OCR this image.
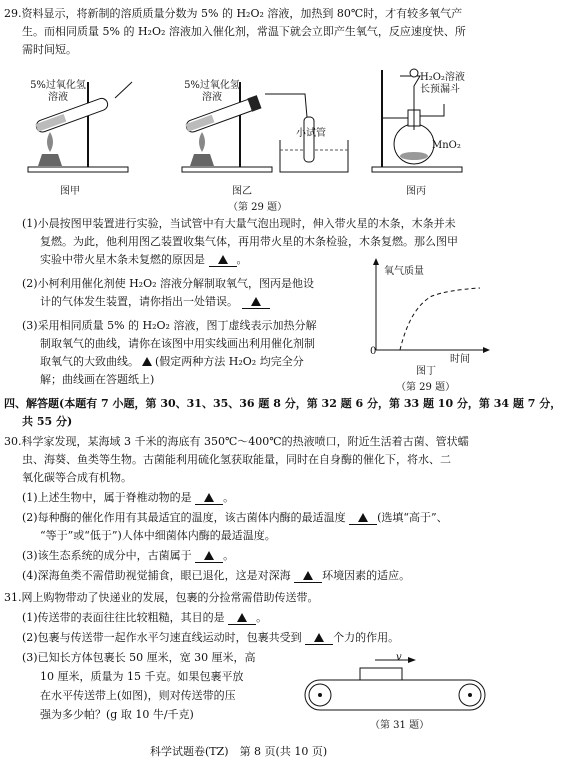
29.资料显示，将新制的溶质质量分数为 5% 的 H₂O₂ 溶液，加热到 80℃时，才有较多氧气产
生。而相同质量 5% 的 H₂O₂ 溶液加入催化剂，常温下就会立即产生氧气，反应速度快、所
需时间短。
5%过氧化氢溶液
图甲
5%过氧化氢溶液
小试管
图乙
H₂O₂溶液
长预漏斗
MnO₂
图丙
（第 29 题）
(1)小晨按图甲装置进行实验，当试管中有大量气泡出现时，伸入带火星的木条，木条并未
复燃。为此，他利用图乙装置收集气体，再用带火星的木条检验，木条复燃。那么图甲
实验中带火星木条未复燃的原因是	。
(2)小柯利用催化剂使 H₂O₂ 溶液分解制取氧气，图丙是他设
计的气体发生装置，请你指出一处错误。
(3)采用相同质量 5% 的 H₂O₂ 溶液，图丁虚线表示加热分解
制取氧气的曲线，请你在该图中用实线画出利用催化剂制
取氧气的大致曲线。 (假定两种方法 H₂O₂ 均完全分
解；曲线画在答题纸上)
氧气质量
时间
0
图丁
（第 29 题）
四、解答题(本题有 7 小题，第 30、31、35、36 题 8 分，第 32 题 6 分，第 33 题 10 分，第 34 题 7 分，
共 55 分)
30.科学家发现，某海域 3 千米的海底有 350℃～400℃的热液喷口，附近生活着古菌、管状蠕
虫、海葵、鱼类等生物。古菌能利用硫化氢获取能量，同时在自身酶的催化下，将水、二
氧化碳等合成有机物。
(1)上述生物中，属于脊椎动物的是	。
(2)每种酶的催化作用有其最适宜的温度，该古菌体内酶的最适温度	(选填“高于”、
“等于”或“低于”)人体中细菌体内酶的最适温度。
(3)该生态系统的成分中，古菌属于	。
(4)深海鱼类不需借助视觉捕食，眼已退化，这是对深海	环境因素的适应。
31.网上购物带动了快递业的发展，包裹的分捡常需借助传送带。
(1)传送带的表面往往比较粗糙，其目的是	。
(2)包裹与传送带一起作水平匀速直线运动时，包裹共受到	个力的作用。
(3)已知长方体包裹长 50 厘米，宽 30 厘米，高
10 厘米，质量为 15 千克。如果包裹平放
在水平传送带上(如图)，则对传送带的压
强为多少帕？(g 取 10 牛/千克)
v
（第 31 题）
科学试题卷(TZ)　第 8 页(共 10 页)
